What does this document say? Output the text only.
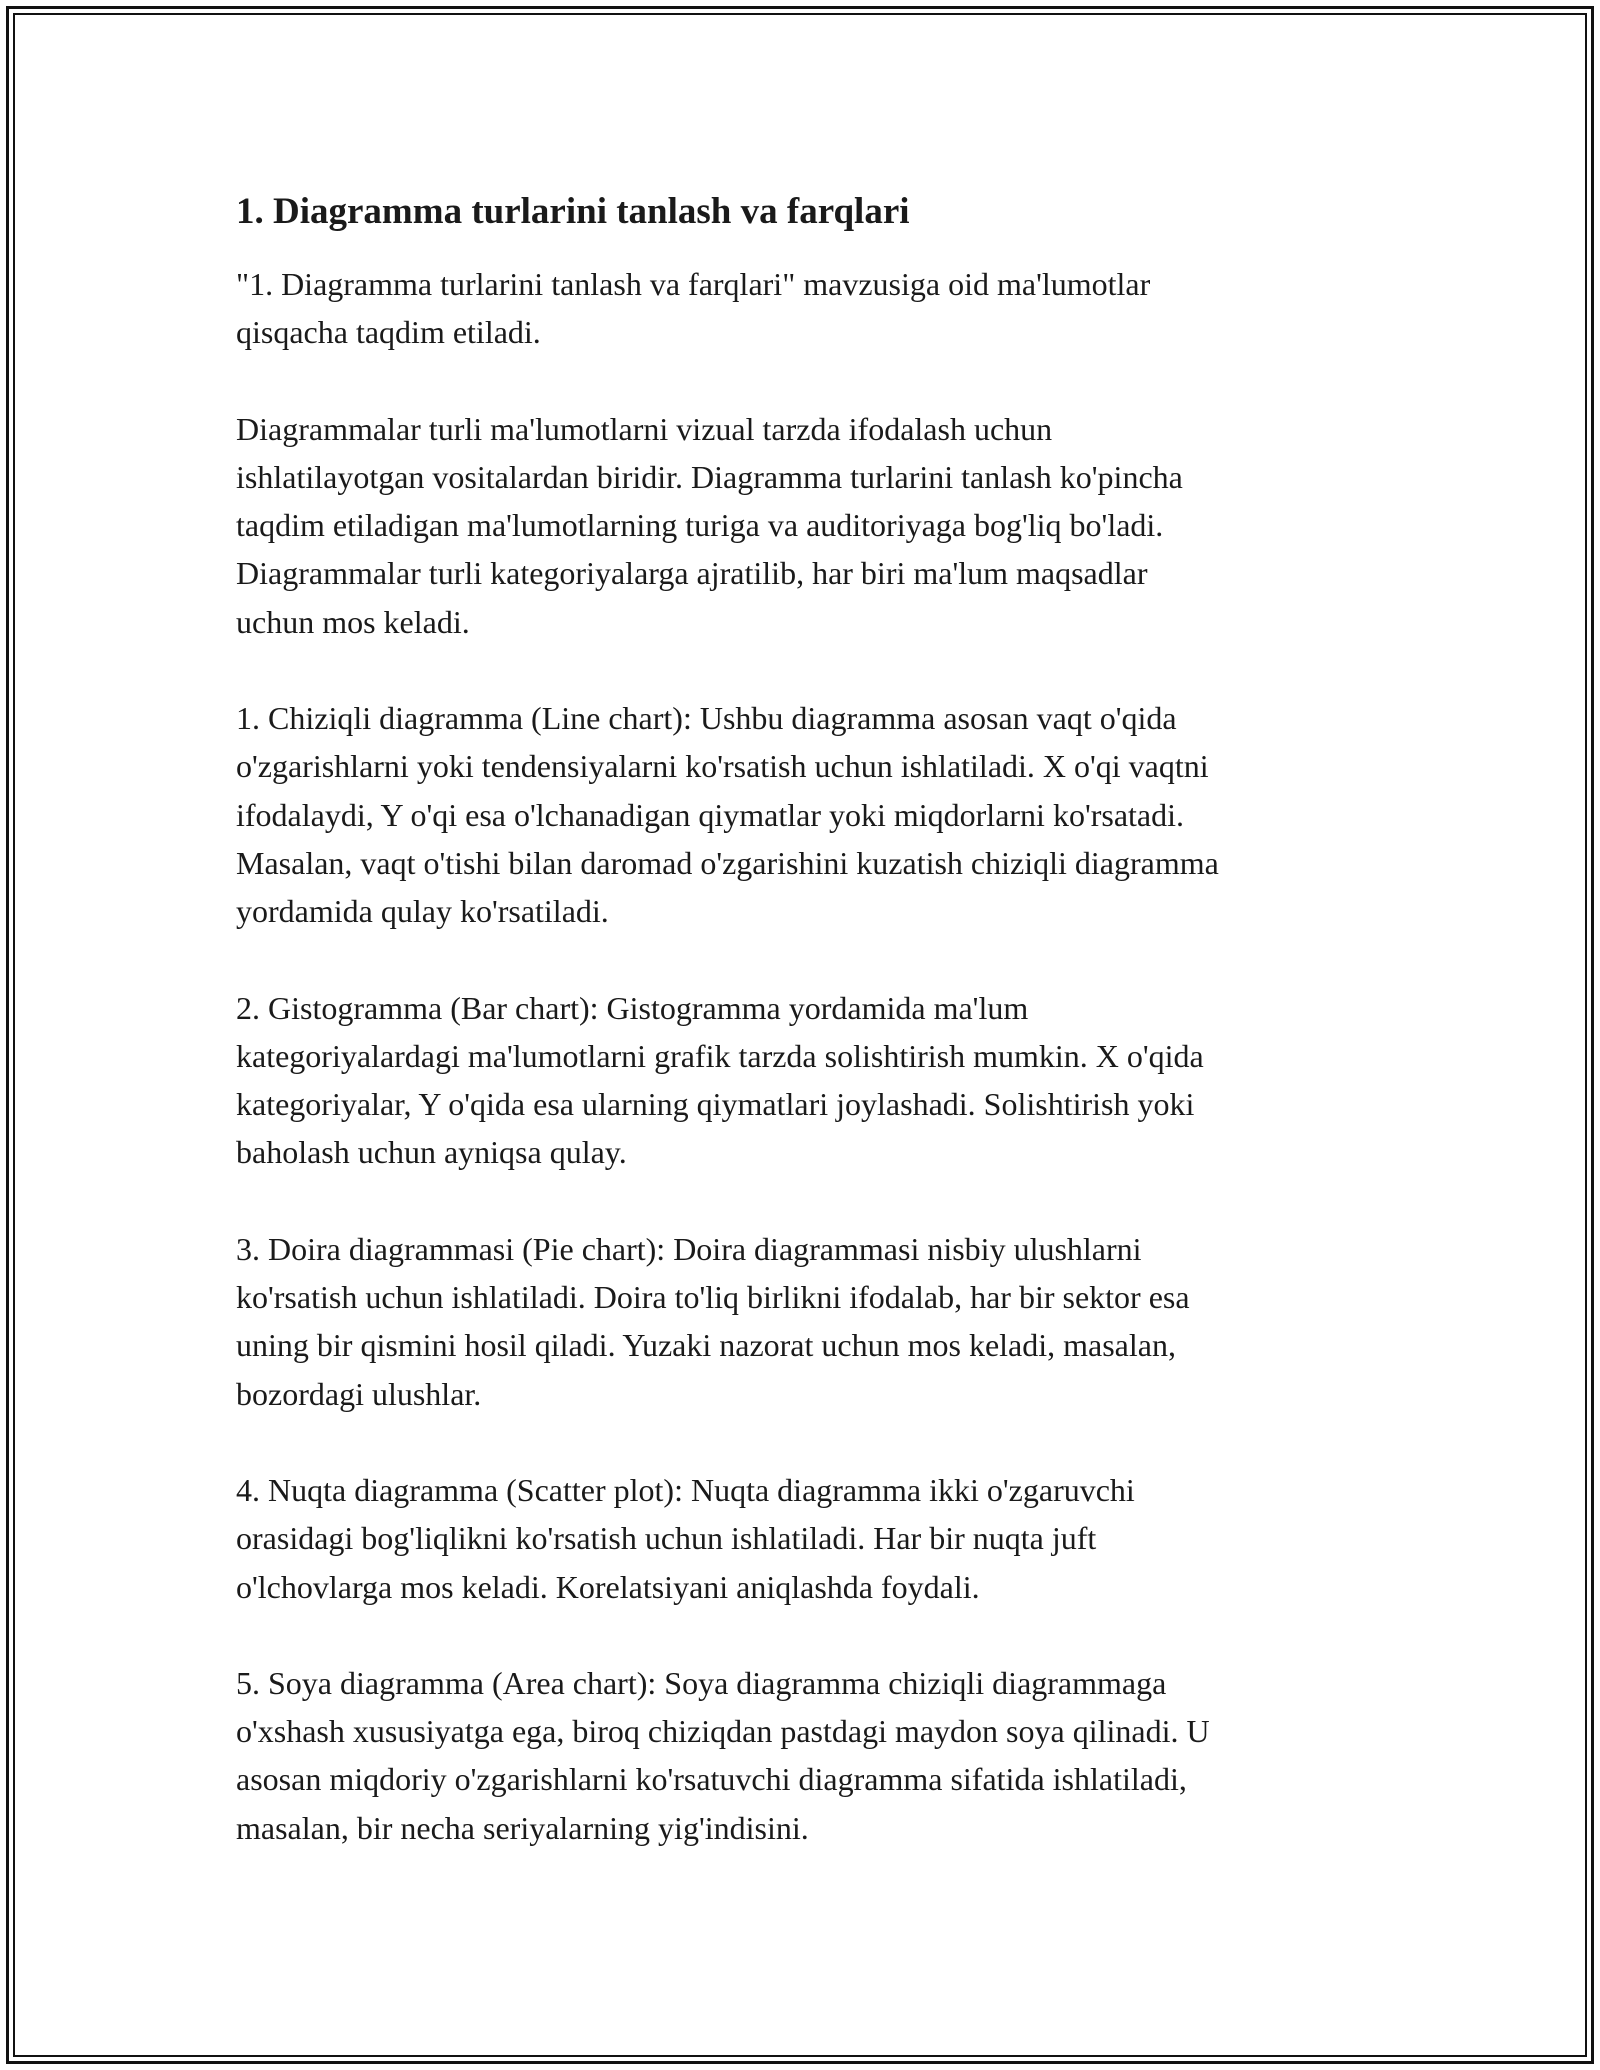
1. Diagramma turlarini tanlash va farqlari

"1. Diagramma turlarini tanlash va farqlari" mavzusiga oid ma'lumotlar
qisqacha taqdim etiladi.

Diagrammalar turli ma'lumotlarni vizual tarzda ifodalash uchun
ishlatilayotgan vositalardan biridir. Diagramma turlarini tanlash ko'pincha
taqdim etiladigan ma'lumotlarning turiga va auditoriyaga bog'liq bo'ladi.
Diagrammalar turli kategoriyalarga ajratilib, har biri ma'lum maqsadlar
uchun mos keladi.

1. Chiziqli diagramma (Line chart): Ushbu diagramma asosan vaqt o'qida
o'zgarishlarni yoki tendensiyalarni ko'rsatish uchun ishlatiladi. X o'qi vaqtni
ifodalaydi, Y o'qi esa o'lchanadigan qiymatlar yoki miqdorlarni ko'rsatadi.
Masalan, vaqt o'tishi bilan daromad o'zgarishini kuzatish chiziqli diagramma
yordamida qulay ko'rsatiladi.

2. Gistogramma (Bar chart): Gistogramma yordamida ma'lum
kategoriyalardagi ma'lumotlarni grafik tarzda solishtirish mumkin. X o'qida
kategoriyalar, Y o'qida esa ularning qiymatlari joylashadi. Solishtirish yoki
baholash uchun ayniqsa qulay.

3. Doira diagrammasi (Pie chart): Doira diagrammasi nisbiy ulushlarni
ko'rsatish uchun ishlatiladi. Doira to'liq birlikni ifodalab, har bir sektor esa
uning bir qismini hosil qiladi. Yuzaki nazorat uchun mos keladi, masalan,
bozordagi ulushlar.

4. Nuqta diagramma (Scatter plot): Nuqta diagramma ikki o'zgaruvchi
orasidagi bog'liqlikni ko'rsatish uchun ishlatiladi. Har bir nuqta juft
o'lchovlarga mos keladi. Korelatsiyani aniqlashda foydali.

5. Soya diagramma (Area chart): Soya diagramma chiziqli diagrammaga
o'xshash xususiyatga ega, biroq chiziqdan pastdagi maydon soya qilinadi. U
asosan miqdoriy o'zgarishlarni ko'rsatuvchi diagramma sifatida ishlatiladi,
masalan, bir necha seriyalarning yig'indisini.
